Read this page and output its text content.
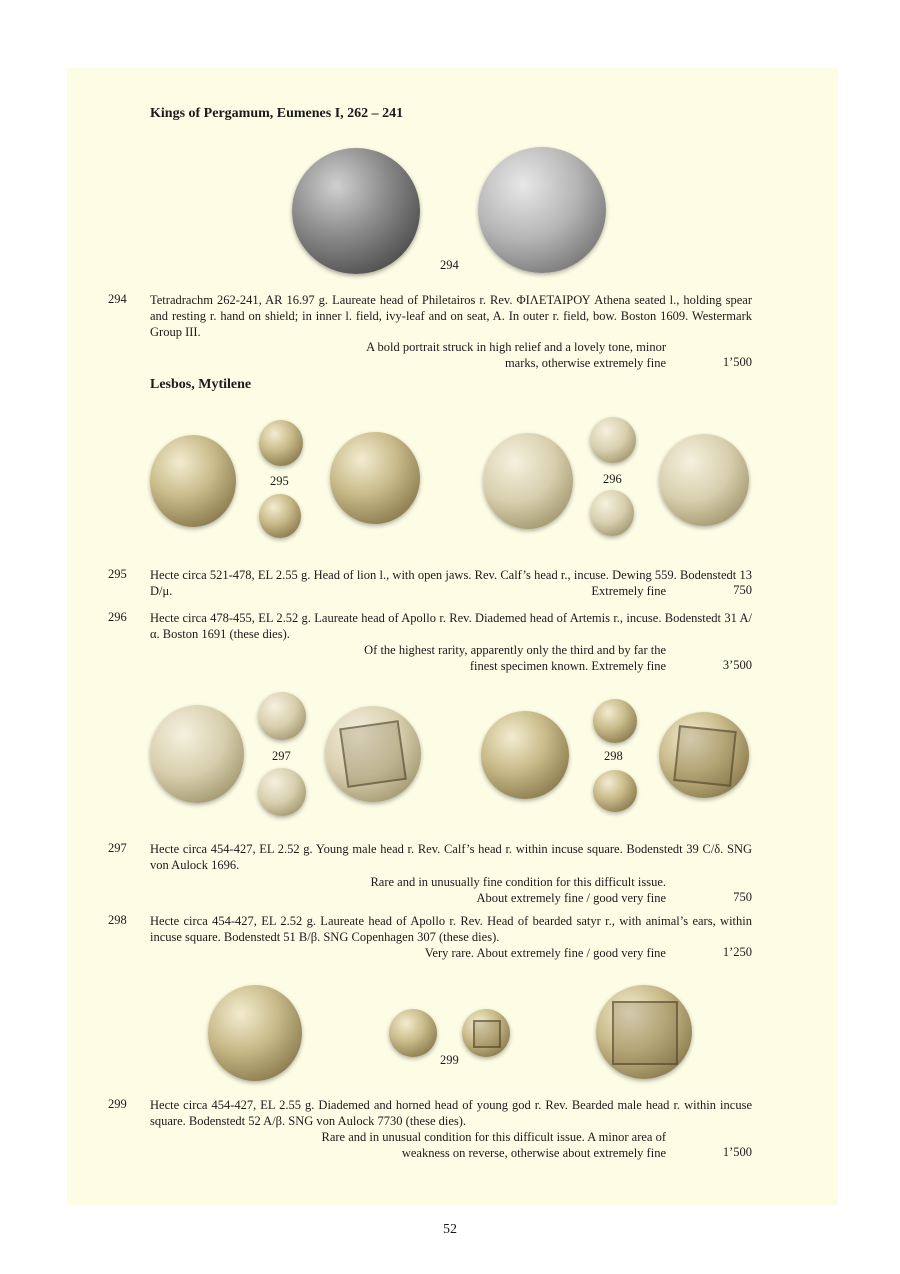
Kings of Pergamum, Eumenes I, 262 – 241
294
294 Tetradrachm 262-241, AR 16.97 g. Laureate head of Philetairos r. Rev. ΦΙΛΕΤΑΙΡΟΥ Athena seated l., holding spear and resting r. hand on shield; in inner l. field, ivy-leaf and on seat, A. In outer r. field, bow. Boston 1609. Westermark Group III.
A bold portrait struck in high relief and a lovely tone, minor
marks, otherwise extremely fine	1’500
Lesbos, Mytilene
295	296
295 Hecte circa 521-478, EL 2.55 g. Head of lion l., with open jaws. Rev. Calf’s head r., incuse. Dewing 559. Bodenstedt 13 D/μ.	Extremely fine	750
296 Hecte circa 478-455, EL 2.52 g. Laureate head of Apollo r. Rev. Diademed head of Artemis r., incuse. Bodenstedt 31 A/α. Boston 1691 (these dies).
Of the highest rarity, apparently only the third and by far the
finest specimen known. Extremely fine	3’500
297	298
297 Hecte circa 454-427, EL 2.52 g. Young male head r. Rev. Calf’s head r. within incuse square. Bodenstedt 39 C/δ. SNG von Aulock 1696.
Rare and in unusually fine condition for this difficult issue.
About extremely fine / good very fine	750
298 Hecte circa 454-427, EL 2.52 g. Laureate head of Apollo r. Rev. Head of bearded satyr r., with animal’s ears, within incuse square. Bodenstedt 51 B/β. SNG Copenhagen 307 (these dies).
Very rare. About extremely fine / good very fine	1’250
299
299 Hecte circa 454-427, EL 2.55 g. Diademed and horned head of young god r. Rev. Bearded male head r. within incuse square. Bodenstedt 52 A/β. SNG von Aulock 7730 (these dies).
Rare and in unusual condition for this difficult issue. A minor area of
weakness on reverse, otherwise about extremely fine	1’500
52
